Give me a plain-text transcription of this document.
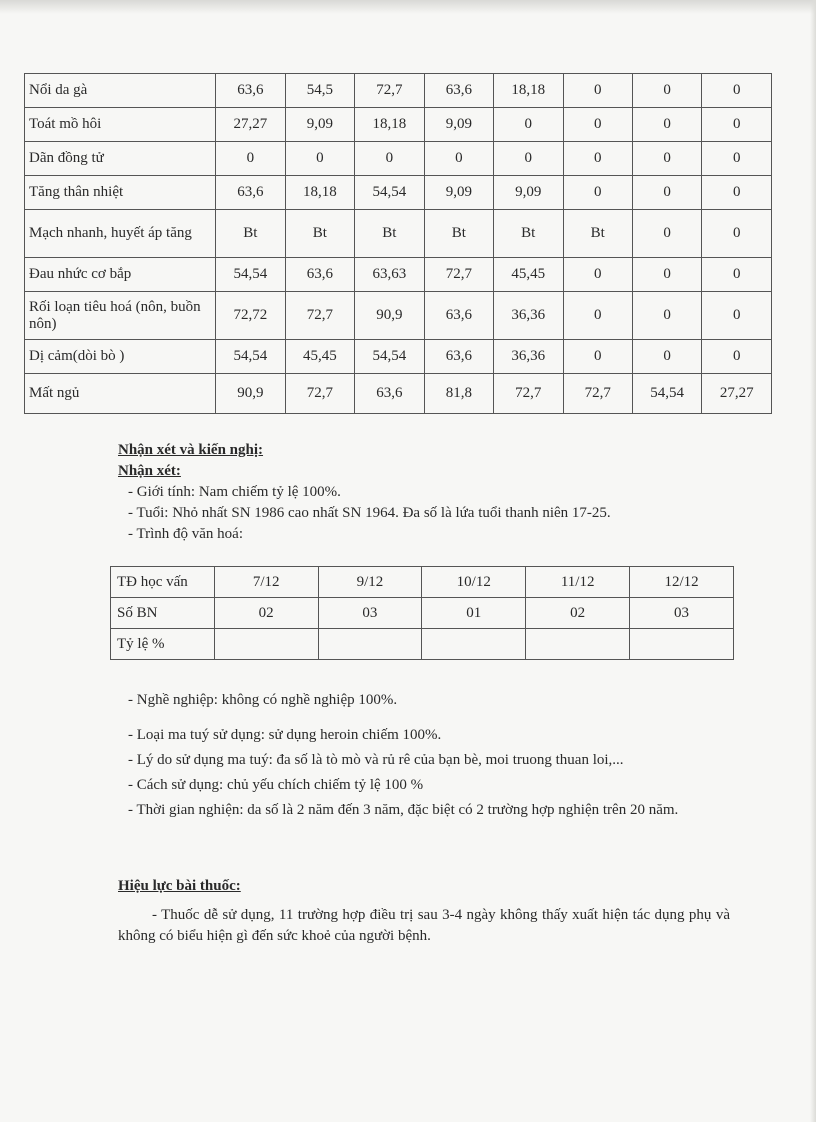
Nổi da gà	63,6	54,5	72,7	63,6	18,18	0	0	0
Toát mồ hôi	27,27	9,09	18,18	9,09	0	0	0	0
Dãn đồng tử	0	0	0	0	0	0	0	0
Tăng thân nhiệt	63,6	18,18	54,54	9,09	9,09	0	0	0
Mạch nhanh, huyết áp tăng	Bt	Bt	Bt	Bt	Bt	Bt	0	0
Đau nhức cơ bắp	54,54	63,6	63,63	72,7	45,45	0	0	0
Rối loạn tiêu hoá (nôn, buồn nôn)	72,72	72,7	90,9	63,6	36,36	0	0	0
Dị cảm(dòi bò )	54,54	45,45	54,54	63,6	36,36	0	0	0
Mất ngủ	90,9	72,7	63,6	81,8	72,7	72,7	54,54	27,27
Nhận xét và kiến nghị:
Nhận xét:

- Giới tính: Nam chiếm tỷ lệ 100%.

- Tuổi: Nhỏ nhất SN 1986 cao nhất SN 1964. Đa số là lứa tuổi thanh niên 17-25.

- Trình độ văn hoá:

TĐ học vấn	7/12	9/12	10/12	11/12	12/12
Số BN	02	03	01	02	03
Tỷ lệ %					

- Nghề nghiệp: không có nghề nghiệp 100%.

- Loại ma tuý sử dụng: sử dụng heroin chiếm 100%.

- Lý do sử dụng ma tuý: đa số là tò mò và rủ rê của bạn bè, moi truong thuan loi,...

- Cách sử dụng: chủ yếu chích chiếm tỷ lệ 100 %

- Thời gian nghiện: da số là 2 năm đến 3 năm, đặc biệt có 2 trường hợp nghiện trên 20 năm.

Hiệu lực bài thuốc:

- Thuốc dễ sử dụng, 11 trường hợp điều trị sau 3-4 ngày không thấy xuất hiện tác dụng phụ và không có biểu hiện gì đến sức khoẻ của người bệnh.
